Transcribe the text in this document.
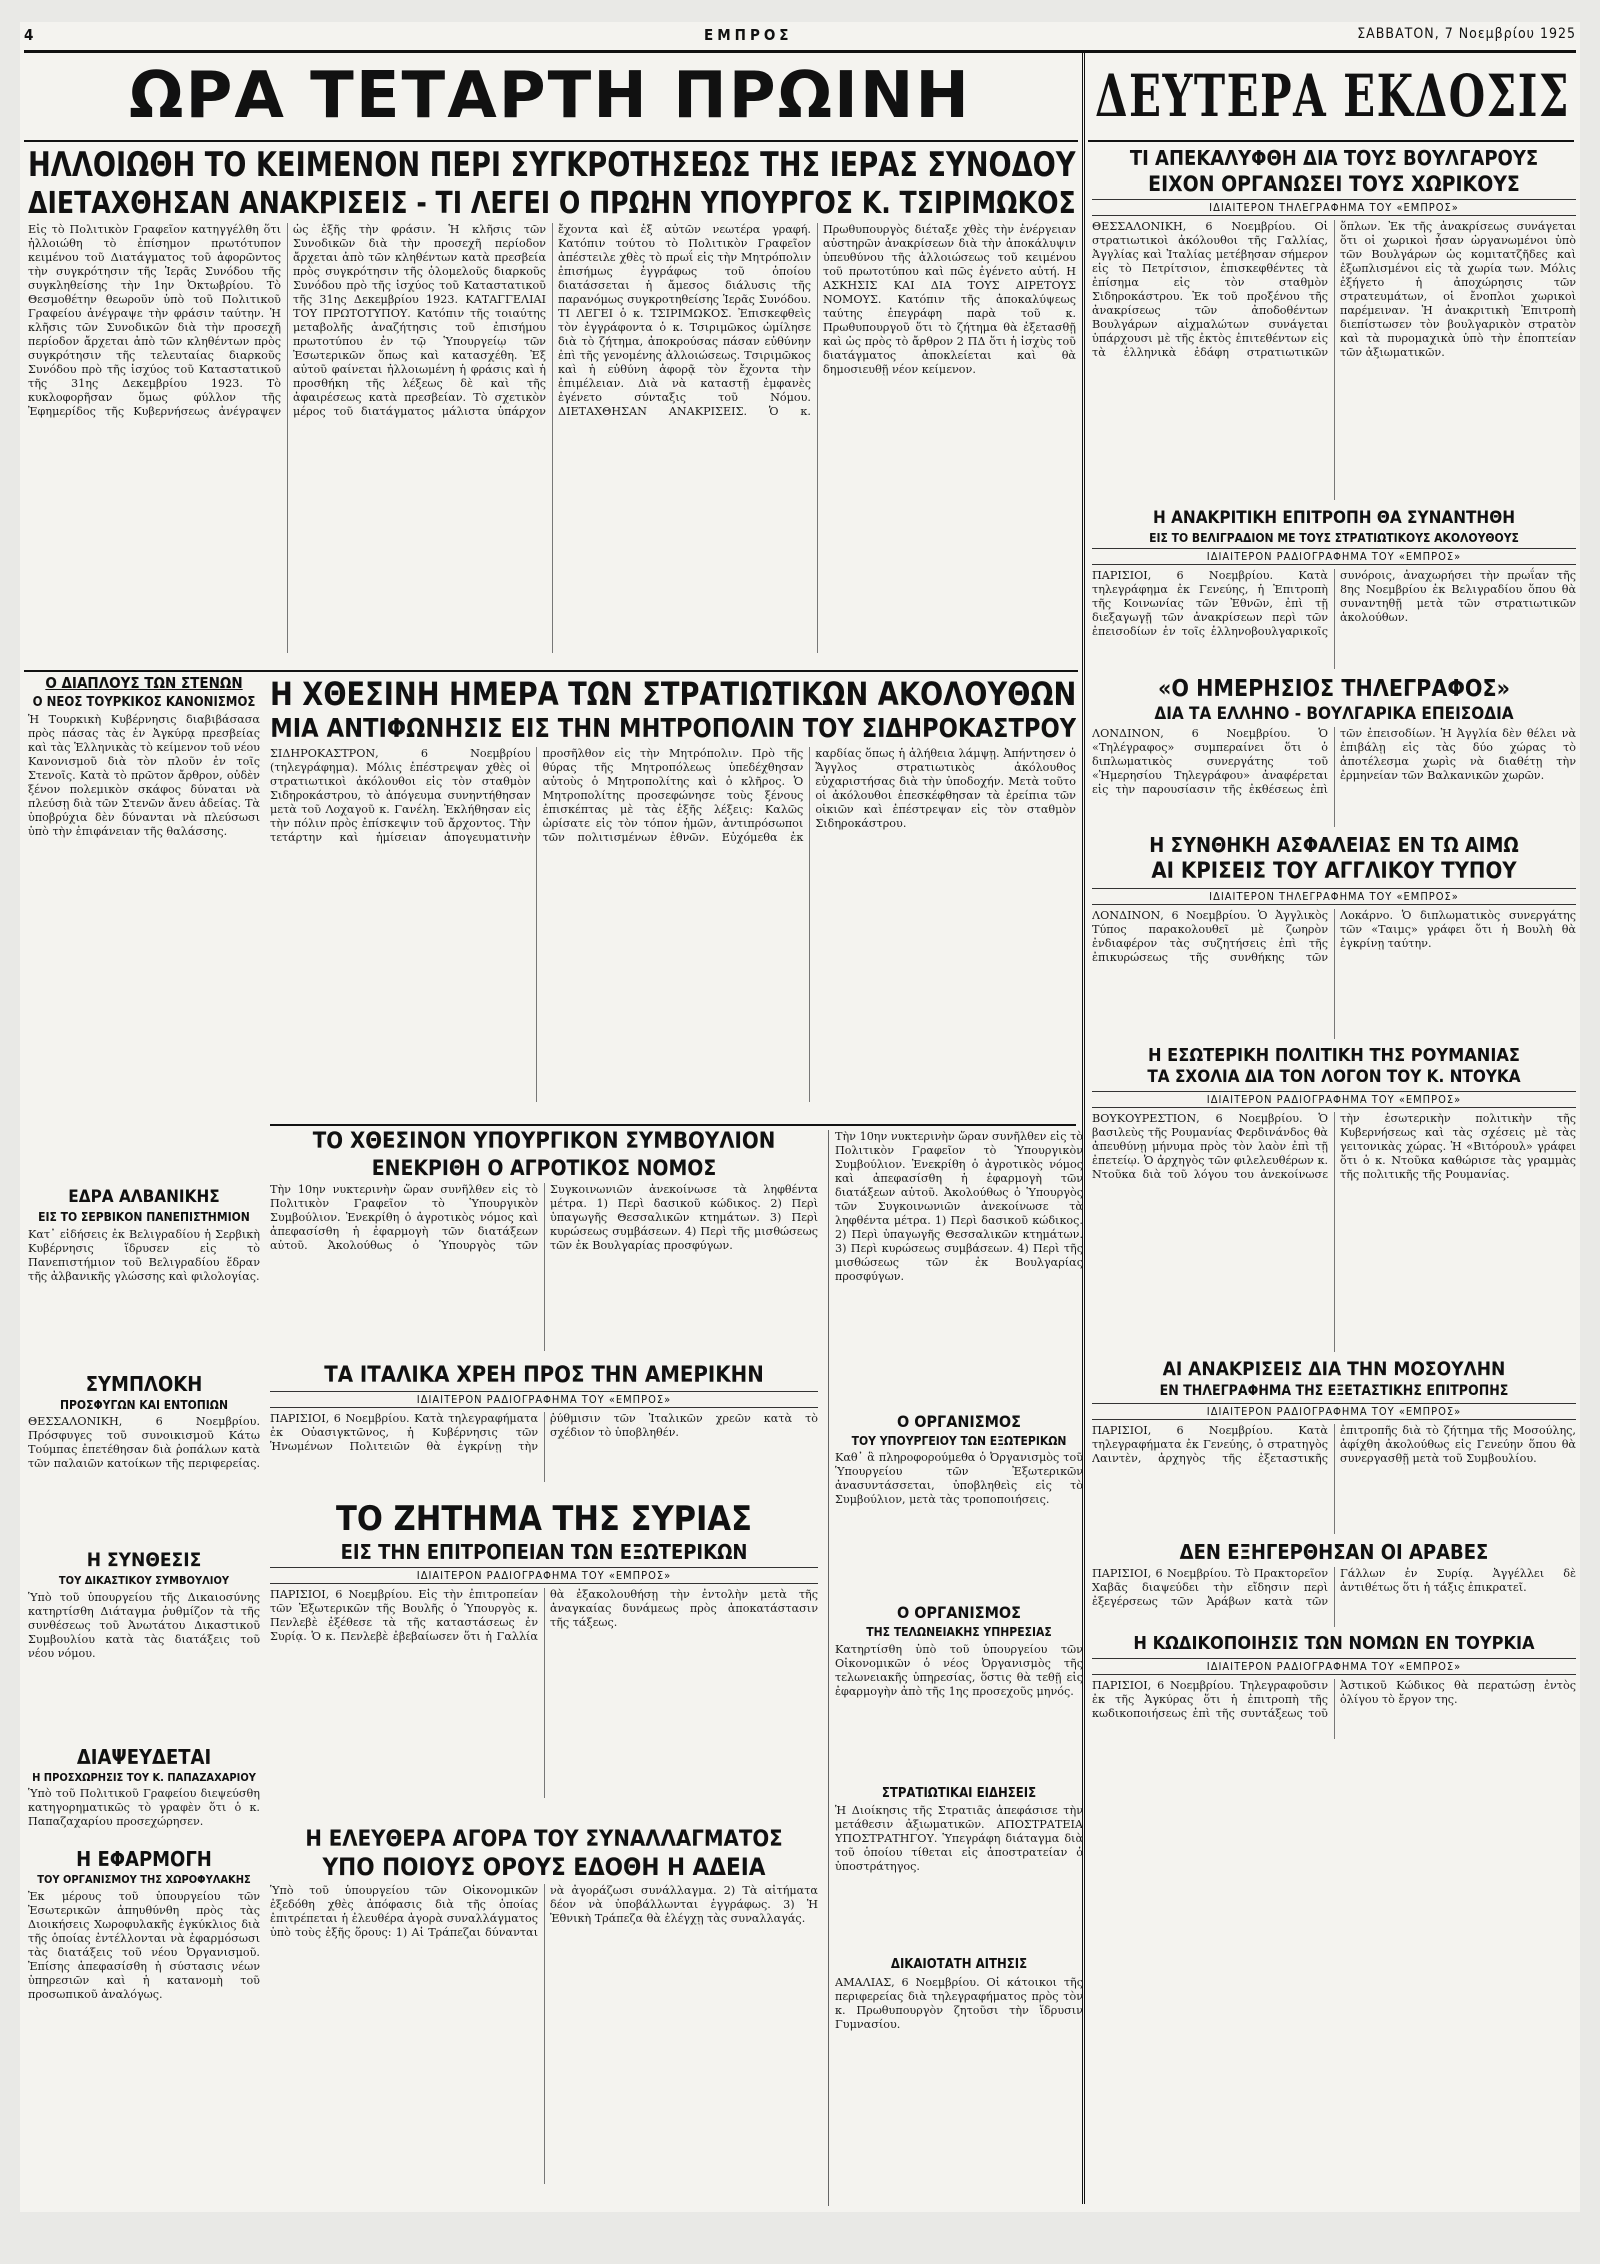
4	ΕΜΠΡΟΣ	ΣΑΒΒΑΤΟΝ, 7 Νοεμβρίου 1925
ΩΡΑ ΤΕΤΑΡΤΗ ΠΡΩΙΝΗ	ΔΕΥΤΕΡΑ ΕΚΔΟΣΙΣ
ΗΛΛΟΙΩΘΗ ΤΟ ΚΕΙΜΕΝΟΝ ΠΕΡΙ ΣΥΓΚΡΟΤΗΣΕΩΣ ΤΗΣ ΙΕΡΑΣ ΣΥΝΟΔΟΥ
ΔΙΕΤΑΧΘΗΣΑΝ ΑΝΑΚΡΙΣΕΙΣ - ΤΙ ΛΕΓΕΙ Ο ΠΡΩΗΝ ΥΠΟΥΡΓΟΣ Κ. ΤΣΙΡΙΜΩΚΟΣ

Εἰς τὸ Πολιτικὸν Γραφεῖον κατηγγέλθη ὅτι ἠλλοιώθη τὸ ἐπίσημον πρωτότυπον κειμένου τοῦ Διατάγματος τοῦ ἀφορῶντος τὴν συγκρότησιν τῆς Ἱερᾶς Συνόδου τῆς συγκληθείσης τὴν 1ην Ὀκτωβρίου. Τὸ Θεσμοθέτην θεωροῦν ὑπὸ τοῦ Πολιτικοῦ Γραφείου ἀνέγραψε τὴν φράσιν ταύτην. Ἡ κλῆσις τῶν Συνοδικῶν διὰ τὴν προσεχῆ περίοδον ἄρχεται ἀπὸ τῶν κληθέντων πρὸς συγκρότησιν τῆς τελευταίας διαρκοῦς Συνόδου πρὸ τῆς ἰσχύος τοῦ Καταστατικοῦ τῆς 31ης Δεκεμβρίου 1923. Τὸ κυκλοφορῆσαν ὅμως φύλλον τῆς Ἐφημερίδος τῆς Κυβερνήσεως ἀνέγραψεν ὡς ἐξῆς τὴν φράσιν. Ἡ κλῆσις τῶν Συνοδικῶν διὰ τὴν προσεχῆ περίοδον ἄρχεται ἀπὸ τῶν κληθέντων κατὰ πρεσβεία πρὸς συγκρότησιν τῆς ὁλομελοῦς διαρκοῦς Συνόδου πρὸ τῆς ἰσχύος τοῦ Καταστατικοῦ τῆς 31ης Δεκεμβρίου 1923. ΚΑΤΑΓΓΕΛΙΑΙ ΤΟΥ ΠΡΩΤΟΤΥΠΟΥ. Κατόπιν τῆς τοιαύτης μεταβολῆς ἀναζήτησις τοῦ ἐπισήμου πρωτοτύπου ἐν τῷ Ὑπουργείῳ τῶν Ἐσωτερικῶν ὅπως καὶ κατασχέθη. Ἐξ αὐτοῦ φαίνεται ἠλλοιωμένη ἡ φράσις καὶ ἡ προσθήκη τῆς λέξεως δὲ καὶ τῆς ἀφαιρέσεως κατὰ πρεσβείαν. Τὸ σχετικὸν μέρος τοῦ διατάγματος μάλιστα ὑπάρχον ἔχοντα καὶ ἐξ αὐτῶν νεωτέρα γραφή. Κατόπιν τούτου τὸ Πολιτικὸν Γραφεῖον ἀπέστειλε χθὲς τὸ πρωΐ εἰς τὴν Μητρόπολιν ἐπισήμως ἐγγράφως τοῦ ὁποίου διατάσσεται ἡ ἄμεσος διάλυσις τῆς παρανόμως συγκροτηθείσης Ἱερᾶς Συνόδου. ΤΙ ΛΕΓΕΙ ὁ κ. ΤΣΙΡΙΜΩΚΟΣ. Ἐπισκεφθεὶς τὸν ἐγγράφοντα ὁ κ. Τσιριμῶκος ὡμίλησε διὰ τὸ ζήτημα, ἀποκρούσας πάσαν εὐθύνην ἐπὶ τῆς γενομένης ἀλλοιώσεως. Τσιριμῶκος καὶ ἡ εὐθύνη ἀφορᾷ τὸν ἔχοντα τὴν ἐπιμέλειαν. Διὰ νὰ καταστῇ ἐμφανὲς ἐγένετο σύνταξις τοῦ Νόμου. ΔΙΕΤΑΧΘΗΣΑΝ ΑΝΑΚΡΙΣΕΙΣ. Ὁ κ. Πρωθυπουργὸς διέταξε χθὲς τὴν ἐνέργειαν αὐστηρῶν ἀνακρίσεων διὰ τὴν ἀποκάλυψιν ὑπευθύνου τῆς ἀλλοιώσεως τοῦ κειμένου τοῦ πρωτοτύπου καὶ πῶς ἐγένετο αὐτή. Η ΑΣΚΗΣΙΣ ΚΑΙ ΔΙΑ ΤΟΥΣ ΑΙΡΕΤΟΥΣ ΝΟΜΟΥΣ. Κατόπιν τῆς ἀποκαλύψεως ταύτης ἐπεγράφη παρὰ τοῦ κ. Πρωθυπουργοῦ ὅτι τὸ ζήτημα θὰ ἐξετασθῇ καὶ ὡς πρὸς τὸ ἄρθρον 2 ΠΔ ὅτι ἡ ἰσχὺς τοῦ διατάγματος ἀποκλείεται καὶ θὰ δημοσιευθῇ νέον κείμενον.

Ο ΔΙΑΠΛΟΥΣ ΤΩΝ ΣΤΕΝΩΝ
Ο ΝΕΟΣ ΤΟΥΡΚΙΚΟΣ ΚΑΝΟΝΙΣΜΟΣ

Ἡ Τουρκικὴ Κυβέρνησις διαβιβάσασα πρὸς πάσας τὰς ἐν Ἀγκύρᾳ πρεσβείας καὶ τὰς Ἑλληνικὰς τὸ κείμενον τοῦ νέου Κανονισμοῦ διὰ τὸν πλοῦν ἐν τοῖς Στενοῖς. Κατὰ τὸ πρῶτον ἄρθρον, οὐδὲν ξένον πολεμικὸν σκάφος δύναται νὰ πλεύσῃ διὰ τῶν Στενῶν ἄνευ ἀδείας. Τὰ ὑποβρύχια δὲν δύνανται νὰ πλεύσωσι ὑπὸ τὴν ἐπιφάνειαν τῆς θαλάσσης.

ΕΔΡΑ ΑΛΒΑΝΙΚΗΣ
ΕΙΣ ΤΟ ΣΕΡΒΙΚΟΝ ΠΑΝΕΠΙΣΤΗΜΙΟΝ

Κατ᾽ εἰδήσεις ἐκ Βελιγραδίου ἡ Σερβικὴ Κυβέρνησις ἵδρυσεν εἰς τὸ Πανεπιστήμιον τοῦ Βελιγραδίου ἕδραν τῆς ἀλβανικῆς γλώσσης καὶ φιλολογίας.

ΣΥΜΠΛΟΚΗ
ΠΡΟΣΦΥΓΩΝ ΚΑΙ ΕΝΤΟΠΙΩΝ

ΘΕΣΣΑΛΟΝΙΚΗ, 6 Νοεμβρίου. Πρόσφυγες τοῦ συνοικισμοῦ Κάτω Τούμπας ἐπετέθησαν διὰ ῥοπάλων κατὰ τῶν παλαιῶν κατοίκων τῆς περιφερείας.

Η ΣΥΝΘΕΣΙΣ
ΤΟΥ ΔΙΚΑΣΤΙΚΟΥ ΣΥΜΒΟΥΛΙΟΥ

Ὑπὸ τοῦ ὑπουργείου τῆς Δικαιοσύνης κατηρτίσθη Διάταγμα ῥυθμίζον τὰ τῆς συνθέσεως τοῦ Ἀνωτάτου Δικαστικοῦ Συμβουλίου κατὰ τὰς διατάξεις τοῦ νέου νόμου.

ΔΙΑΨΕΥΔΕΤΑΙ
Η ΠΡΟΣΧΩΡΗΣΙΣ ΤΟΥ Κ. ΠΑΠΑΖΑΧΑΡΙΟΥ

Ὑπὸ τοῦ Πολιτικοῦ Γραφείου διεψεύσθη κατηγορηματικῶς τὸ γραφὲν ὅτι ὁ κ. Παπαζαχαρίου προσεχώρησεν.

Η ΕΦΑΡΜΟΓΗ
ΤΟΥ ΟΡΓΑΝΙΣΜΟΥ ΤΗΣ ΧΩΡΟΦΥΛΑΚΗΣ

Ἐκ μέρους τοῦ ὑπουργείου τῶν Ἐσωτερικῶν ἀπηυθύνθη πρὸς τὰς Διοικήσεις Χωροφυλακῆς ἐγκύκλιος διὰ τῆς ὁποίας ἐντέλλονται νὰ ἐφαρμόσωσι τὰς διατάξεις τοῦ νέου Ὀργανισμοῦ. Ἐπίσης ἀπεφασίσθη ἡ σύστασις νέων ὑπηρεσιῶν καὶ ἡ κατανομὴ τοῦ προσωπικοῦ ἀναλόγως.

Η ΧΘΕΣΙΝΗ ΗΜΕΡΑ ΤΩΝ ΣΤΡΑΤΙΩΤΙΚΩΝ ΑΚΟΛΟΥΘΩΝ
ΜΙΑ ΑΝΤΙΦΩΝΗΣΙΣ ΕΙΣ ΤΗΝ ΜΗΤΡΟΠΟΛΙΝ ΤΟΥ ΣΙΔΗΡΟΚΑΣΤΡΟΥ

ΣΙΔΗΡΟΚΑΣΤΡΟΝ, 6 Νοεμβρίου (τηλεγράφημα). Μόλις ἐπέστρεψαν χθὲς οἱ στρατιωτικοὶ ἀκόλουθοι εἰς τὸν σταθμὸν Σιδηροκάστρου, τὸ ἀπόγευμα συνηντήθησαν μετὰ τοῦ Λοχαγοῦ κ. Γανέλη. Ἐκλήθησαν εἰς τὴν πόλιν πρὸς ἐπίσκεψιν τοῦ ἄρχοντος. Τὴν τετάρτην καὶ ἡμίσειαν ἀπογευματινὴν προσῆλθον εἰς τὴν Μητρόπολιν. Πρὸ τῆς θύρας τῆς Μητροπόλεως ὑπεδέχθησαν αὐτοὺς ὁ Μητροπολίτης καὶ ὁ κλῆρος. Ὁ Μητροπολίτης προσεφώνησε τοὺς ξένους ἐπισκέπτας μὲ τὰς ἑξῆς λέξεις: Καλῶς ὡρίσατε εἰς τὸν τόπον ἡμῶν, ἀντιπρόσωποι τῶν πολιτισμένων ἐθνῶν. Εὐχόμεθα ἐκ καρδίας ὅπως ἡ ἀλήθεια λάμψῃ. Ἀπήντησεν ὁ Ἄγγλος στρατιωτικὸς ἀκόλουθος εὐχαριστήσας διὰ τὴν ὑποδοχήν. Μετὰ τοῦτο οἱ ἀκόλουθοι ἐπεσκέφθησαν τὰ ἐρείπια τῶν οἰκιῶν καὶ ἐπέστρεψαν εἰς τὸν σταθμὸν Σιδηροκάστρου.

ΤΟ ΧΘΕΣΙΝΟΝ ΥΠΟΥΡΓΙΚΟΝ ΣΥΜΒΟΥΛΙΟΝ
ΕΝΕΚΡΙΘΗ Ο ΑΓΡΟΤΙΚΟΣ ΝΟΜΟΣ

Τὴν 10ην νυκτερινὴν ὥραν συνῆλθεν εἰς τὸ Πολιτικὸν Γραφεῖον τὸ Ὑπουργικὸν Συμβούλιον. Ἐνεκρίθη ὁ ἀγροτικὸς νόμος καὶ ἀπεφασίσθη ἡ ἐφαρμογὴ τῶν διατάξεων αὐτοῦ. Ἀκολούθως ὁ Ὑπουργὸς τῶν Συγκοινωνιῶν ἀνεκοίνωσε τὰ ληφθέντα μέτρα. 1) Περὶ δασικοῦ κώδικος. 2) Περὶ ὑπαγωγῆς Θεσσαλικῶν κτημάτων. 3) Περὶ κυρώσεως συμβάσεων. 4) Περὶ τῆς μισθώσεως τῶν ἐκ Βουλγαρίας προσφύγων.

ΤΑ ΙΤΑΛΙΚΑ ΧΡΕΗ ΠΡΟΣ ΤΗΝ ΑΜΕΡΙΚΗΝ
ΙΔΙΑΙΤΕΡΟΝ ΡΑΔΙΟΓΡΑΦΗΜΑ ΤΟΥ «ΕΜΠΡΟΣ»

ΠΑΡΙΣΙΟΙ, 6 Νοεμβρίου. Κατὰ τηλεγραφήματα ἐκ Οὐασιγκτῶνος, ἡ Κυβέρνησις τῶν Ἡνωμένων Πολιτειῶν θὰ ἐγκρίνῃ τὴν ῥύθμισιν τῶν Ἰταλικῶν χρεῶν κατὰ τὸ σχέδιον τὸ ὑποβληθέν.

ΤΟ ΖΗΤΗΜΑ ΤΗΣ ΣΥΡΙΑΣ
ΕΙΣ ΤΗΝ ΕΠΙΤΡΟΠΕΙΑΝ ΤΩΝ ΕΞΩΤΕΡΙΚΩΝ
ΙΔΙΑΙΤΕΡΟΝ ΡΑΔΙΟΓΡΑΦΗΜΑ ΤΟΥ «ΕΜΠΡΟΣ»

ΠΑΡΙΣΙΟΙ, 6 Νοεμβρίου. Εἰς τὴν ἐπιτροπείαν τῶν Ἐξωτερικῶν τῆς Βουλῆς ὁ Ὑπουργὸς κ. Πενλεβὲ ἐξέθεσε τὰ τῆς καταστάσεως ἐν Συρίᾳ. Ὁ κ. Πενλεβὲ ἐβεβαίωσεν ὅτι ἡ Γαλλία θὰ ἐξακολουθήσῃ τὴν ἐντολὴν μετὰ τῆς ἀναγκαίας δυνάμεως πρὸς ἀποκατάστασιν τῆς τάξεως.

Η ΕΛΕΥΘΕΡΑ ΑΓΟΡΑ ΤΟΥ ΣΥΝΑΛΛΑΓΜΑΤΟΣ
ΥΠΟ ΠΟΙΟΥΣ ΟΡΟΥΣ ΕΔΟΘΗ Η ΑΔΕΙΑ

Ὑπὸ τοῦ ὑπουργείου τῶν Οἰκονομικῶν ἐξεδόθη χθὲς ἀπόφασις διὰ τῆς ὁποίας ἐπιτρέπεται ἡ ἐλευθέρα ἀγορὰ συναλλάγματος ὑπὸ τοὺς ἑξῆς ὅρους: 1) Αἱ Τράπεζαι δύνανται νὰ ἀγοράζωσι συνάλλαγμα. 2) Τὰ αἰτήματα δέον νὰ ὑποβάλλωνται ἐγγράφως. 3) Ἡ Ἐθνικὴ Τράπεζα θὰ ἐλέγχῃ τὰς συναλλαγάς.

Τὴν 10ην νυκτερινὴν ὥραν συνῆλθεν εἰς τὸ Πολιτικὸν Γραφεῖον τὸ Ὑπουργικὸν Συμβούλιον. Ἐνεκρίθη ὁ ἀγροτικὸς νόμος καὶ ἀπεφασίσθη ἡ ἐφαρμογὴ τῶν διατάξεων αὐτοῦ. Ἀκολούθως ὁ Ὑπουργὸς τῶν Συγκοινωνιῶν ἀνεκοίνωσε τὰ ληφθέντα μέτρα. 1) Περὶ δασικοῦ κώδικος. 2) Περὶ ὑπαγωγῆς Θεσσαλικῶν κτημάτων. 3) Περὶ κυρώσεως συμβάσεων. 4) Περὶ τῆς μισθώσεως τῶν ἐκ Βουλγαρίας προσφύγων.

Ο ΟΡΓΑΝΙΣΜΟΣ
ΤΟΥ ΥΠΟΥΡΓΕΙΟΥ ΤΩΝ ΕΞΩΤΕΡΙΚΩΝ

Καθ᾽ ἃ πληροφορούμεθα ὁ Ὀργανισμὸς τοῦ Ὑπουργείου τῶν Ἐξωτερικῶν ἀνασυντάσσεται, ὑποβληθεὶς εἰς τὸ Συμβούλιον, μετὰ τὰς τροποποιήσεις.

Ο ΟΡΓΑΝΙΣΜΟΣ
ΤΗΣ ΤΕΛΩΝΕΙΑΚΗΣ ΥΠΗΡΕΣΙΑΣ

Κατηρτίσθη ὑπὸ τοῦ ὑπουργείου τῶν Οἰκονομικῶν ὁ νέος Ὀργανισμὸς τῆς τελωνειακῆς ὑπηρεσίας, ὅστις θὰ τεθῇ εἰς ἐφαρμογὴν ἀπὸ τῆς 1ης προσεχοῦς μηνός.

ΣΤΡΑΤΙΩΤΙΚΑΙ ΕΙΔΗΣΕΙΣ

Ἡ Διοίκησις τῆς Στρατιᾶς ἀπεφάσισε τὴν μετάθεσιν ἀξιωματικῶν. ΑΠΟΣΤΡΑΤΕΙΑ ΥΠΟΣΤΡΑΤΗΓΟΥ. Ὑπεγράφη διάταγμα διὰ τοῦ ὁποίου τίθεται εἰς ἀποστρατείαν ὁ ὑποστράτηγος.

ΔΙΚΑΙΟΤΑΤΗ ΑΙΤΗΣΙΣ

ΑΜΑΛΙΑΣ, 6 Νοεμβρίου. Οἱ κάτοικοι τῆς περιφερείας διὰ τηλεγραφήματος πρὸς τὸν κ. Πρωθυπουργὸν ζητοῦσι τὴν ἵδρυσιν Γυμνασίου.

ΤΙ ΑΠΕΚΑΛΥΦΘΗ ΔΙΑ ΤΟΥΣ ΒΟΥΛΓΑΡΟΥΣ
ΕΙΧΟΝ ΟΡΓΑΝΩΣΕΙ ΤΟΥΣ ΧΩΡΙΚΟΥΣ
ΙΔΙΑΙΤΕΡΟΝ ΤΗΛΕΓΡΑΦΗΜΑ ΤΟΥ «ΕΜΠΡΟΣ»

ΘΕΣΣΑΛΟΝΙΚΗ, 6 Νοεμβρίου. Οἱ στρατιωτικοὶ ἀκόλουθοι τῆς Γαλλίας, Ἀγγλίας καὶ Ἰταλίας μετέβησαν σήμερον εἰς τὸ Πετρίτσιον, ἐπισκεφθέντες τὰ ἐπίσημα εἰς τὸν σταθμὸν Σιδηροκάστρου. Ἐκ τοῦ προξένου τῆς ἀνακρίσεως τῶν ἀποδοθέντων Βουλγάρων αἰχμαλώτων συνάγεται ὑπάρχουσι μὲ τῆς ἐκτὸς ἐπιτεθέντων εἰς τὰ ἑλληνικὰ ἐδάφη στρατιωτικῶν ὅπλων. Ἐκ τῆς ἀνακρίσεως συνάγεται ὅτι οἱ χωρικοὶ ἦσαν ὠργανωμένοι ὑπὸ τῶν Βουλγάρων ὡς κομιτατζῆδες καὶ ἐξωπλισμένοι εἰς τὰ χωρία των. Μόλις ἐξήγετο ἡ ἀποχώρησις τῶν στρατευμάτων, οἱ ἔνοπλοι χωρικοὶ παρέμειναν. Ἡ ἀνακριτικὴ Ἐπιτροπὴ διεπίστωσεν τὸν βουλγαρικὸν στρατὸν καὶ τὰ πυρομαχικὰ ὑπὸ τὴν ἐποπτείαν τῶν ἀξιωματικῶν.

Η ΑΝΑΚΡΙΤΙΚΗ ΕΠΙΤΡΟΠΗ ΘΑ ΣΥΝΑΝΤΗΘΗ
ΕΙΣ ΤΟ ΒΕΛΙΓΡΑΔΙΟΝ ΜΕ ΤΟΥΣ ΣΤΡΑΤΙΩΤΙΚΟΥΣ ΑΚΟΛΟΥΘΟΥΣ
ΙΔΙΑΙΤΕΡΟΝ ΡΑΔΙΟΓΡΑΦΗΜΑ ΤΟΥ «ΕΜΠΡΟΣ»

ΠΑΡΙΣΙΟΙ, 6 Νοεμβρίου. Κατὰ τηλεγράφημα ἐκ Γενεύης, ἡ Ἐπιτροπὴ τῆς Κοινωνίας τῶν Ἐθνῶν, ἐπὶ τῇ διεξαγωγῇ τῶν ἀνακρίσεων περὶ τῶν ἐπεισοδίων ἐν τοῖς ἑλληνοβουλγαρικοῖς συνόροις, ἀναχωρήσει τὴν πρωΐαν τῆς 8ης Νοεμβρίου ἐκ Βελιγραδίου ὅπου θὰ συναντηθῇ μετὰ τῶν στρατιωτικῶν ἀκολούθων.

«Ο ΗΜΕΡΗΣΙΟΣ ΤΗΛΕΓΡΑΦΟΣ»
ΔΙΑ ΤΑ ΕΛΛΗΝΟ - ΒΟΥΛΓΑΡΙΚΑ ΕΠΕΙΣΟΔΙΑ

ΛΟΝΔΙΝΟΝ, 6 Νοεμβρίου. Ὁ «Τηλέγραφος» συμπεραίνει ὅτι ὁ διπλωματικὸς συνεργάτης τοῦ «Ἡμερησίου Τηλεγράφου» ἀναφέρεται εἰς τὴν παρουσίασιν τῆς ἐκθέσεως ἐπὶ τῶν ἐπεισοδίων. Ἡ Ἀγγλία δὲν θέλει νὰ ἐπιβάλῃ εἰς τὰς δύο χώρας τὸ ἀποτέλεσμα χωρὶς νὰ διαθέτῃ τὴν ἐρμηνείαν τῶν Βαλκανικῶν χωρῶν.

Η ΣΥΝΘΗΚΗ ΑΣΦΑΛΕΙΑΣ ΕΝ ΤΩ ΑΙΜΩ
ΑΙ ΚΡΙΣΕΙΣ ΤΟΥ ΑΓΓΛΙΚΟΥ ΤΥΠΟΥ
ΙΔΙΑΙΤΕΡΟΝ ΤΗΛΕΓΡΑΦΗΜΑ ΤΟΥ «ΕΜΠΡΟΣ»

ΛΟΝΔΙΝΟΝ, 6 Νοεμβρίου. Ὁ Ἀγγλικὸς Τύπος παρακολουθεῖ μὲ ζωηρὸν ἐνδιαφέρον τὰς συζητήσεις ἐπὶ τῆς ἐπικυρώσεως τῆς συνθήκης τῶν Λοκάρνο. Ὁ διπλωματικὸς συνεργάτης τῶν «Ταιμς» γράφει ὅτι ἡ Βουλὴ θὰ ἐγκρίνῃ ταύτην.

Η ΕΣΩΤΕΡΙΚΗ ΠΟΛΙΤΙΚΗ ΤΗΣ ΡΟΥΜΑΝΙΑΣ
ΤΑ ΣΧΟΛΙΑ ΔΙΑ ΤΟΝ ΛΟΓΟΝ ΤΟΥ Κ. ΝΤΟΥΚΑ
ΙΔΙΑΙΤΕΡΟΝ ΡΑΔΙΟΓΡΑΦΗΜΑ ΤΟΥ «ΕΜΠΡΟΣ»

ΒΟΥΚΟΥΡΕΣΤΙΟΝ, 6 Νοεμβρίου. Ὁ βασιλεὺς τῆς Ρουμανίας Φερδινάνδος θὰ ἀπευθύνῃ μήνυμα πρὸς τὸν λαὸν ἐπὶ τῇ ἐπετείῳ. Ὁ ἀρχηγὸς τῶν φιλελευθέρων κ. Ντοῦκα διὰ τοῦ λόγου του ἀνεκοίνωσε τὴν ἐσωτερικὴν πολιτικὴν τῆς Κυβερνήσεως καὶ τὰς σχέσεις μὲ τὰς γειτονικὰς χώρας. Ἡ «Βιτόρουλ» γράφει ὅτι ὁ κ. Ντοῦκα καθώρισε τὰς γραμμὰς τῆς πολιτικῆς τῆς Ρουμανίας.

ΑΙ ΑΝΑΚΡΙΣΕΙΣ ΔΙΑ ΤΗΝ ΜΟΣΟΥΛΗΝ
ΕΝ ΤΗΛΕΓΡΑΦΗΜΑ ΤΗΣ ΕΞΕΤΑΣΤΙΚΗΣ ΕΠΙΤΡΟΠΗΣ
ΙΔΙΑΙΤΕΡΟΝ ΡΑΔΙΟΓΡΑΦΗΜΑ ΤΟΥ «ΕΜΠΡΟΣ»

ΠΑΡΙΣΙΟΙ, 6 Νοεμβρίου. Κατὰ τηλεγραφήματα ἐκ Γενεύης, ὁ στρατηγὸς Λαιντὲν, ἀρχηγὸς τῆς ἐξεταστικῆς ἐπιτροπῆς διὰ τὸ ζήτημα τῆς Μοσούλης, ἀφίχθη ἀκολούθως εἰς Γενεύην ὅπου θὰ συνεργασθῇ μετὰ τοῦ Συμβουλίου.

ΔΕΝ ΕΞΗΓΕΡΘΗΣΑΝ ΟΙ ΑΡΑΒΕΣ

ΠΑΡΙΣΙΟΙ, 6 Νοεμβρίου. Τὸ Πρακτορεῖον Χαβᾶς διαψεύδει τὴν εἴδησιν περὶ ἐξεγέρσεως τῶν Ἀράβων κατὰ τῶν Γάλλων ἐν Συρίᾳ. Ἀγγέλλει δὲ ἀντιθέτως ὅτι ἡ τάξις ἐπικρατεῖ.

Η ΚΩΔΙΚΟΠΟΙΗΣΙΣ ΤΩΝ ΝΟΜΩΝ ΕΝ ΤΟΥΡΚΙΑ
ΙΔΙΑΙΤΕΡΟΝ ΡΑΔΙΟΓΡΑΦΗΜΑ ΤΟΥ «ΕΜΠΡΟΣ»

ΠΑΡΙΣΙΟΙ, 6 Νοεμβρίου. Τηλεγραφοῦσιν ἐκ τῆς Ἀγκύρας ὅτι ἡ ἐπιτροπὴ τῆς κωδικοποιήσεως ἐπὶ τῆς συντάξεως τοῦ Ἀστικοῦ Κώδικος θὰ περατώσῃ ἐντὸς ὀλίγου τὸ ἔργον της.
